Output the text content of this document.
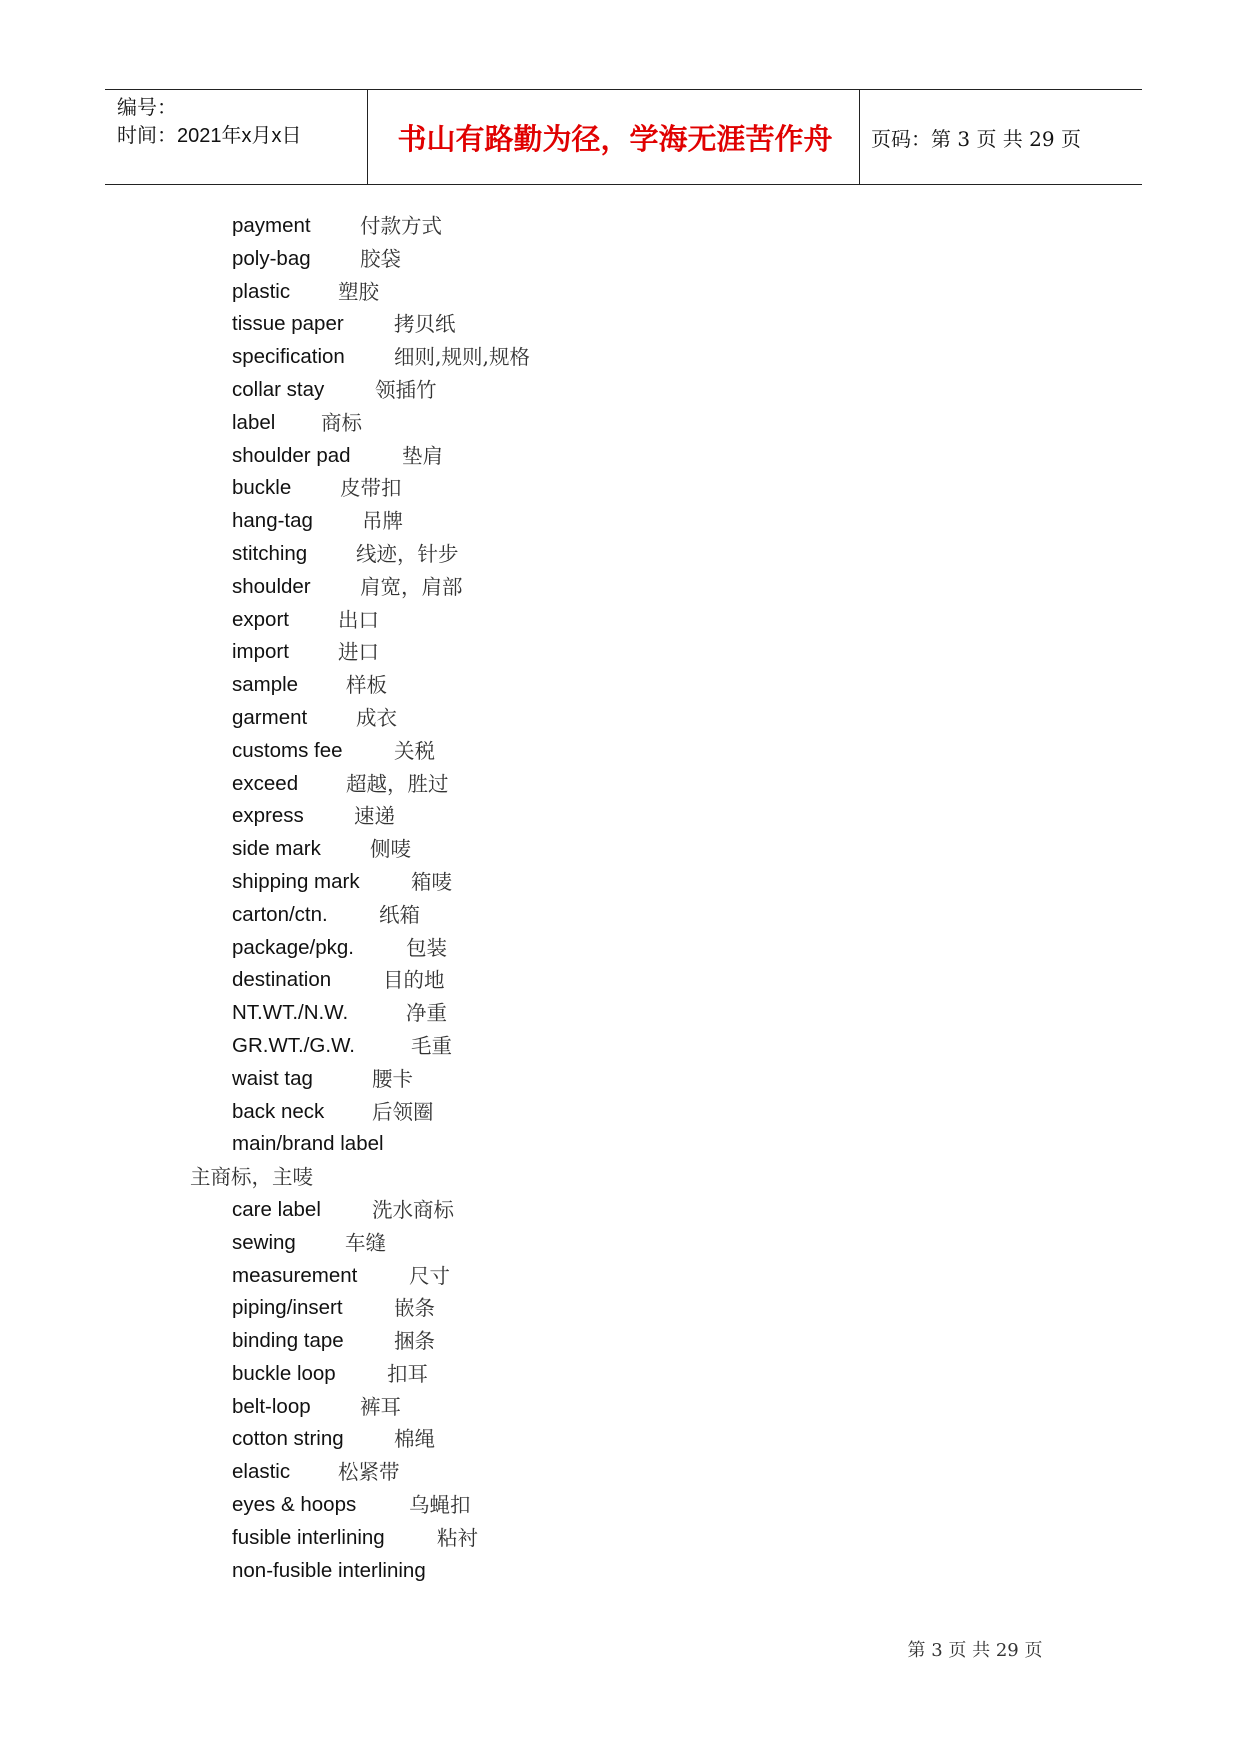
编号：
时间：2021年x月x日	书山有路勤为径，学海无涯苦作舟 页码：第 3 页 共 29 页
payment 付款方式
poly-bag 胶袋
plastic 塑胶
tissue paper 拷贝纸
specification 细则,规则,规格
collar stay 领插竹
label 商标
shoulder pad	垫肩
buckle 皮带扣
hang-tag 吊牌
stitching 线迹，针步
shoulder 肩宽，肩部
export 出口
import 进口
sample 样板
garment 成衣
customs fee	关税
exceed 超越，胜过
express 速递
side mark 侧唛
shipping mark	箱唛
carton/ctn.	纸箱
package/pkg.	包装
destination	目的地
NT.WT./N.W.	净重
GR.WT./G.W.	毛重
waist tag	腰卡
back neck 后领圈
main/brand label
主商标，主唛
care label 洗水商标
sewing 车缝
measurement	尺寸
piping/insert	嵌条
binding tape 捆条
buckle loop	扣耳
belt-loop 裤耳
cotton string 棉绳
elastic 松紧带
eyes & hoops	乌蝇扣
fusible interlining	粘衬
non-fusible interlining
第 3 页 共 29 页
